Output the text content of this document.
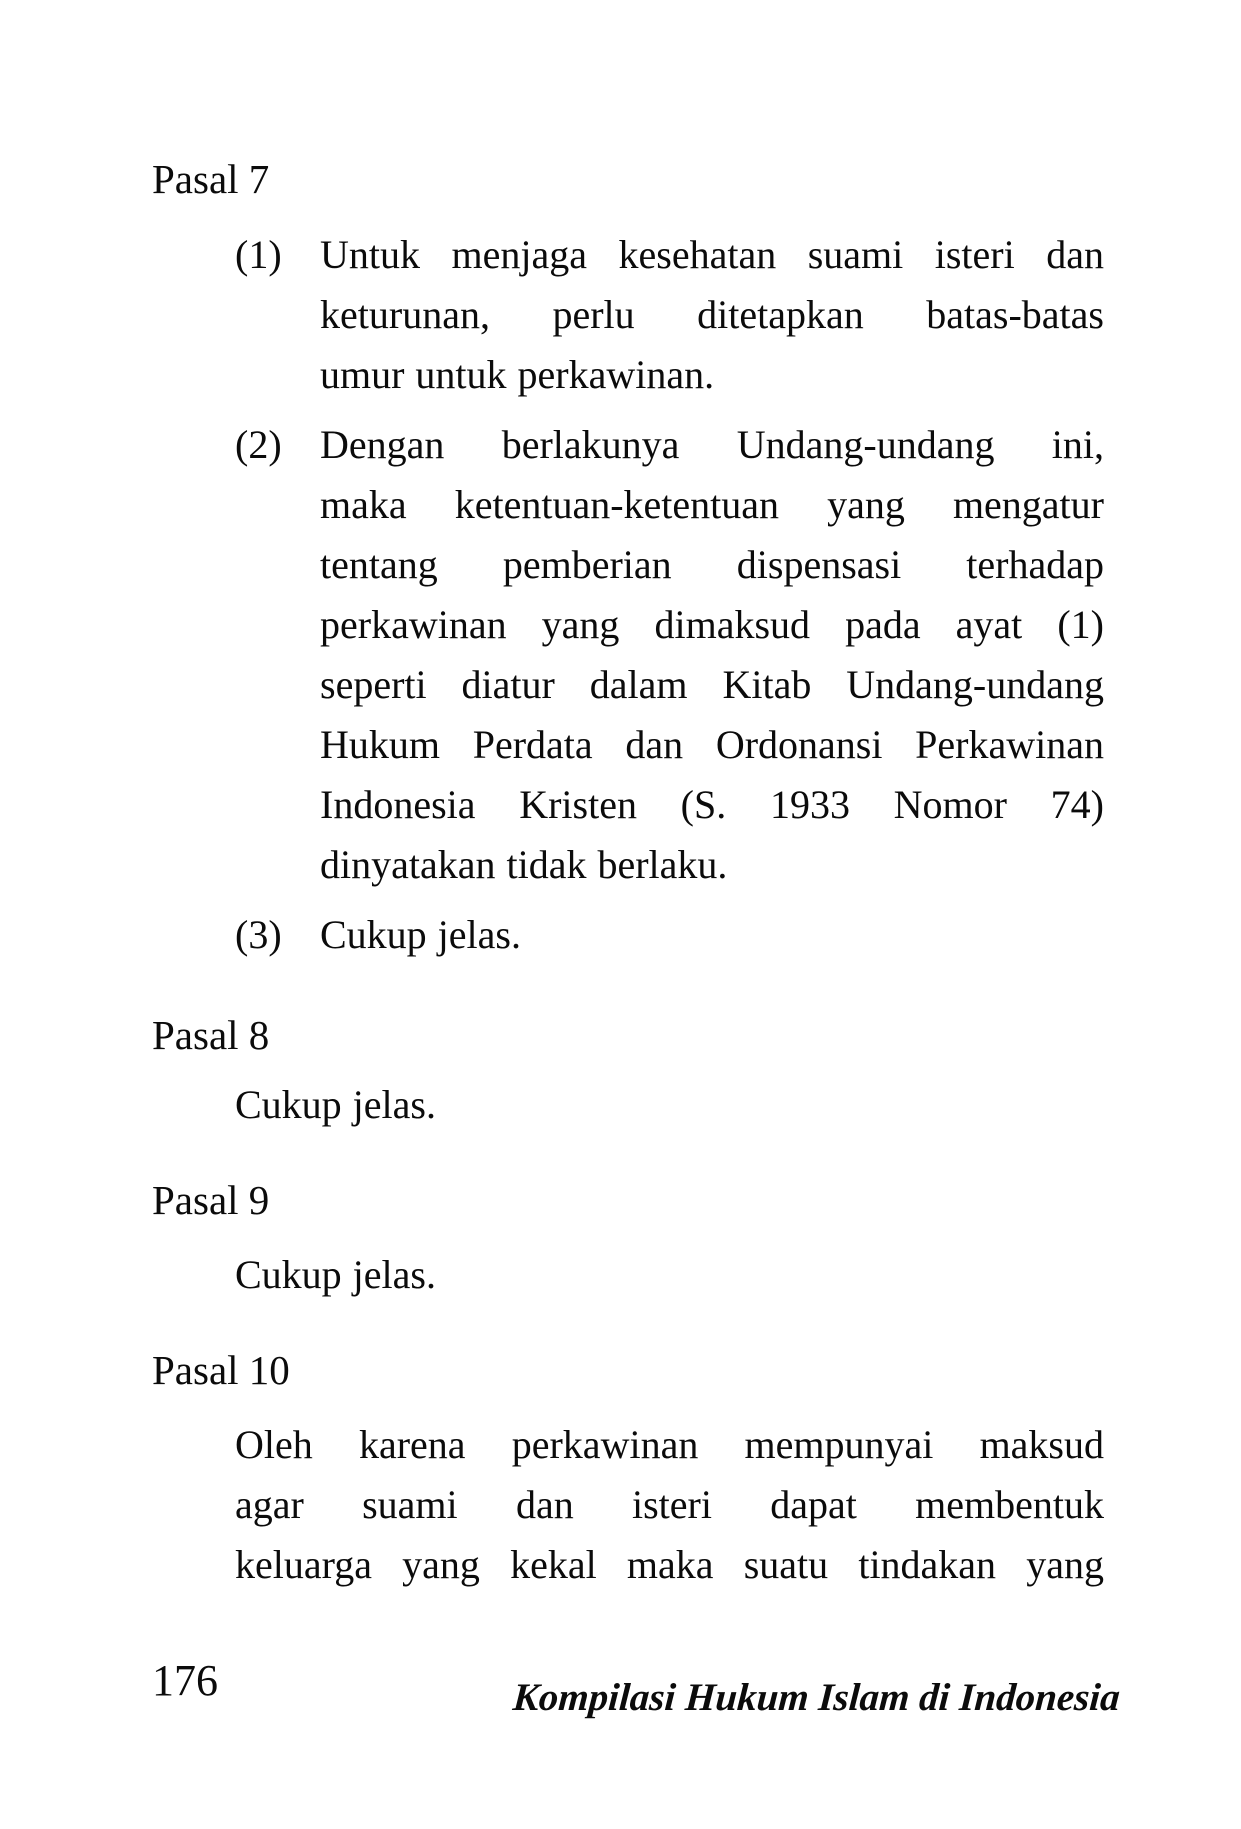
Pasal 7
(1) Untuk menjaga kesehatan suami isteri dan
keturunan, perlu ditetapkan batas-batas
umur untuk perkawinan.
(2) Dengan berlakunya Undang-undang ini,
maka ketentuan-ketentuan yang mengatur
tentang pemberian dispensasi terhadap
perkawinan yang dimaksud pada ayat (1)
seperti diatur dalam Kitab Undang-undang
Hukum Perdata dan Ordonansi Perkawinan
Indonesia Kristen (S. 1933 Nomor 74)
dinyatakan tidak berlaku.
(3) Cukup jelas.
Pasal 8
Cukup jelas.
Pasal 9
Cukup jelas.
Pasal 10
Oleh karena perkawinan mempunyai maksud
agar suami dan isteri dapat membentuk
keluarga yang kekal maka suatu tindakan yang
176	Kompilasi Hukum Islam di Indonesia
